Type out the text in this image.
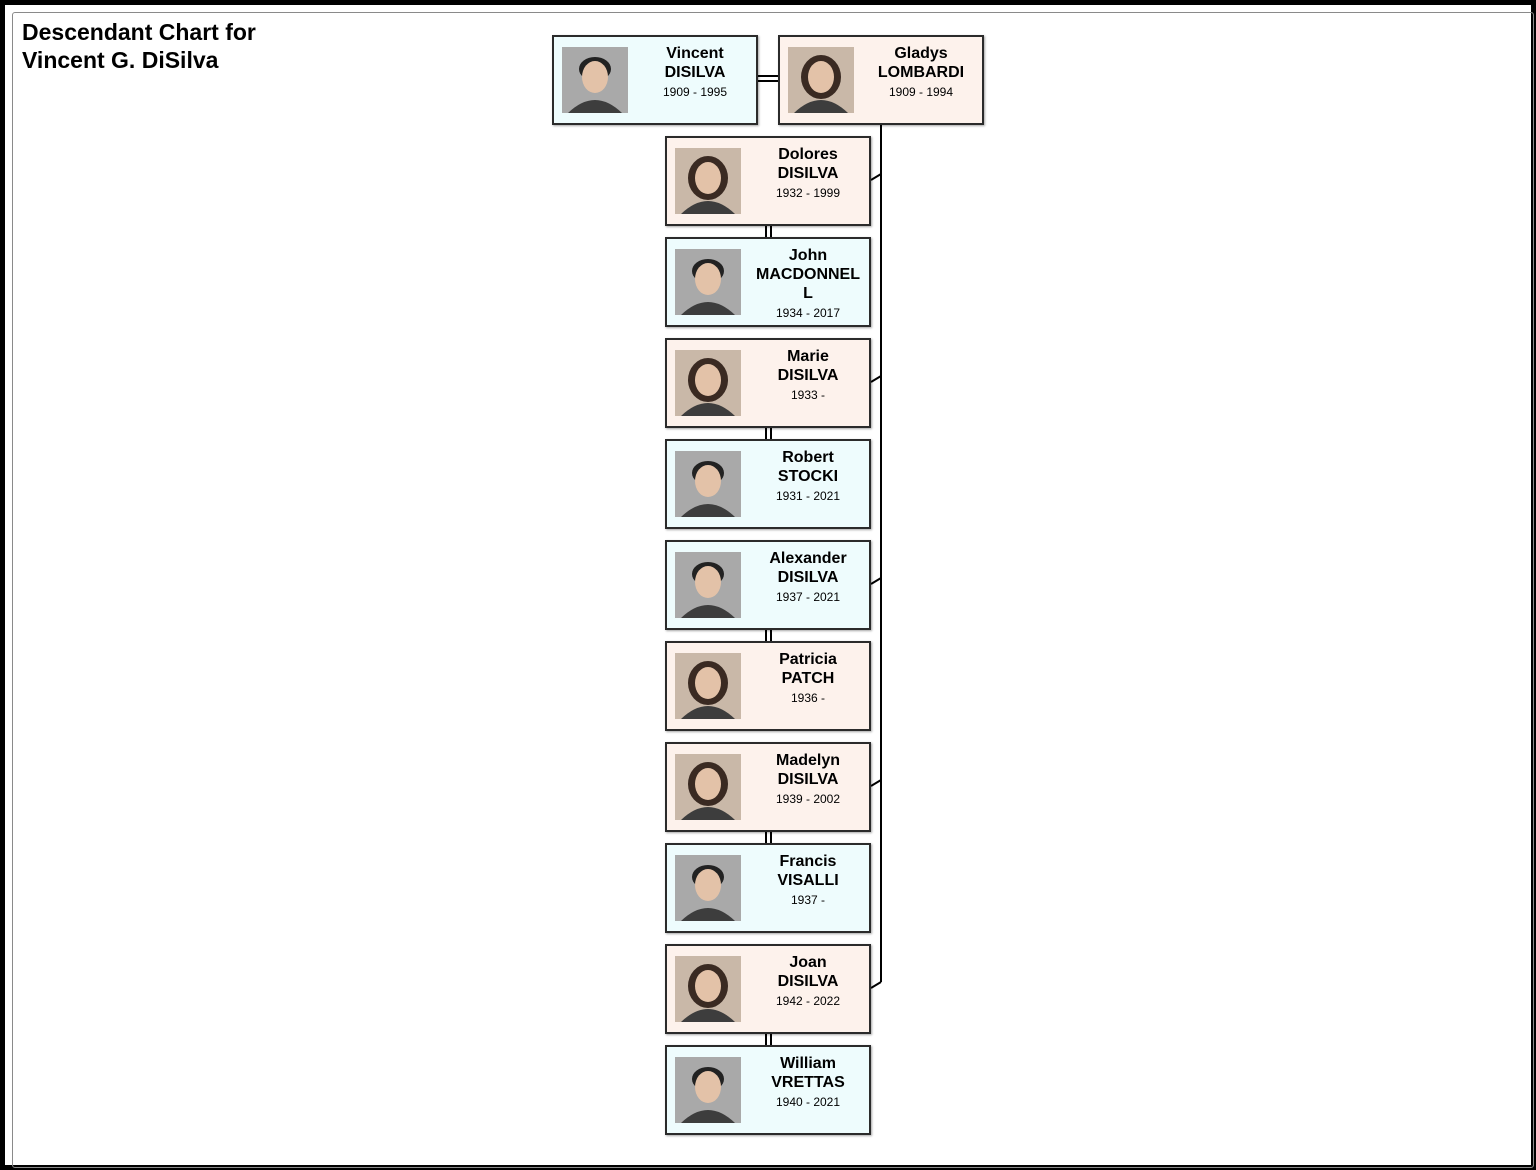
Descendant Chart for
Vincent G. DiSilva	Vincent
DISILVA
1909 - 1995
Gladys
LOMBARDI
1909 - 1994
Dolores
DISILVA
1932 - 1999
John
MACDONNELL
1934 - 2017
Marie
DISILVA
1933 -
Robert
STOCKI
1931 - 2021
Alexander
DISILVA
1937 - 2021
Patricia
PATCH
1936 -
Madelyn
DISILVA
1939 - 2002
Francis
VISALLI
1937 -
Joan
DISILVA
1942 - 2022
William
VRETTAS
1940 - 2021
